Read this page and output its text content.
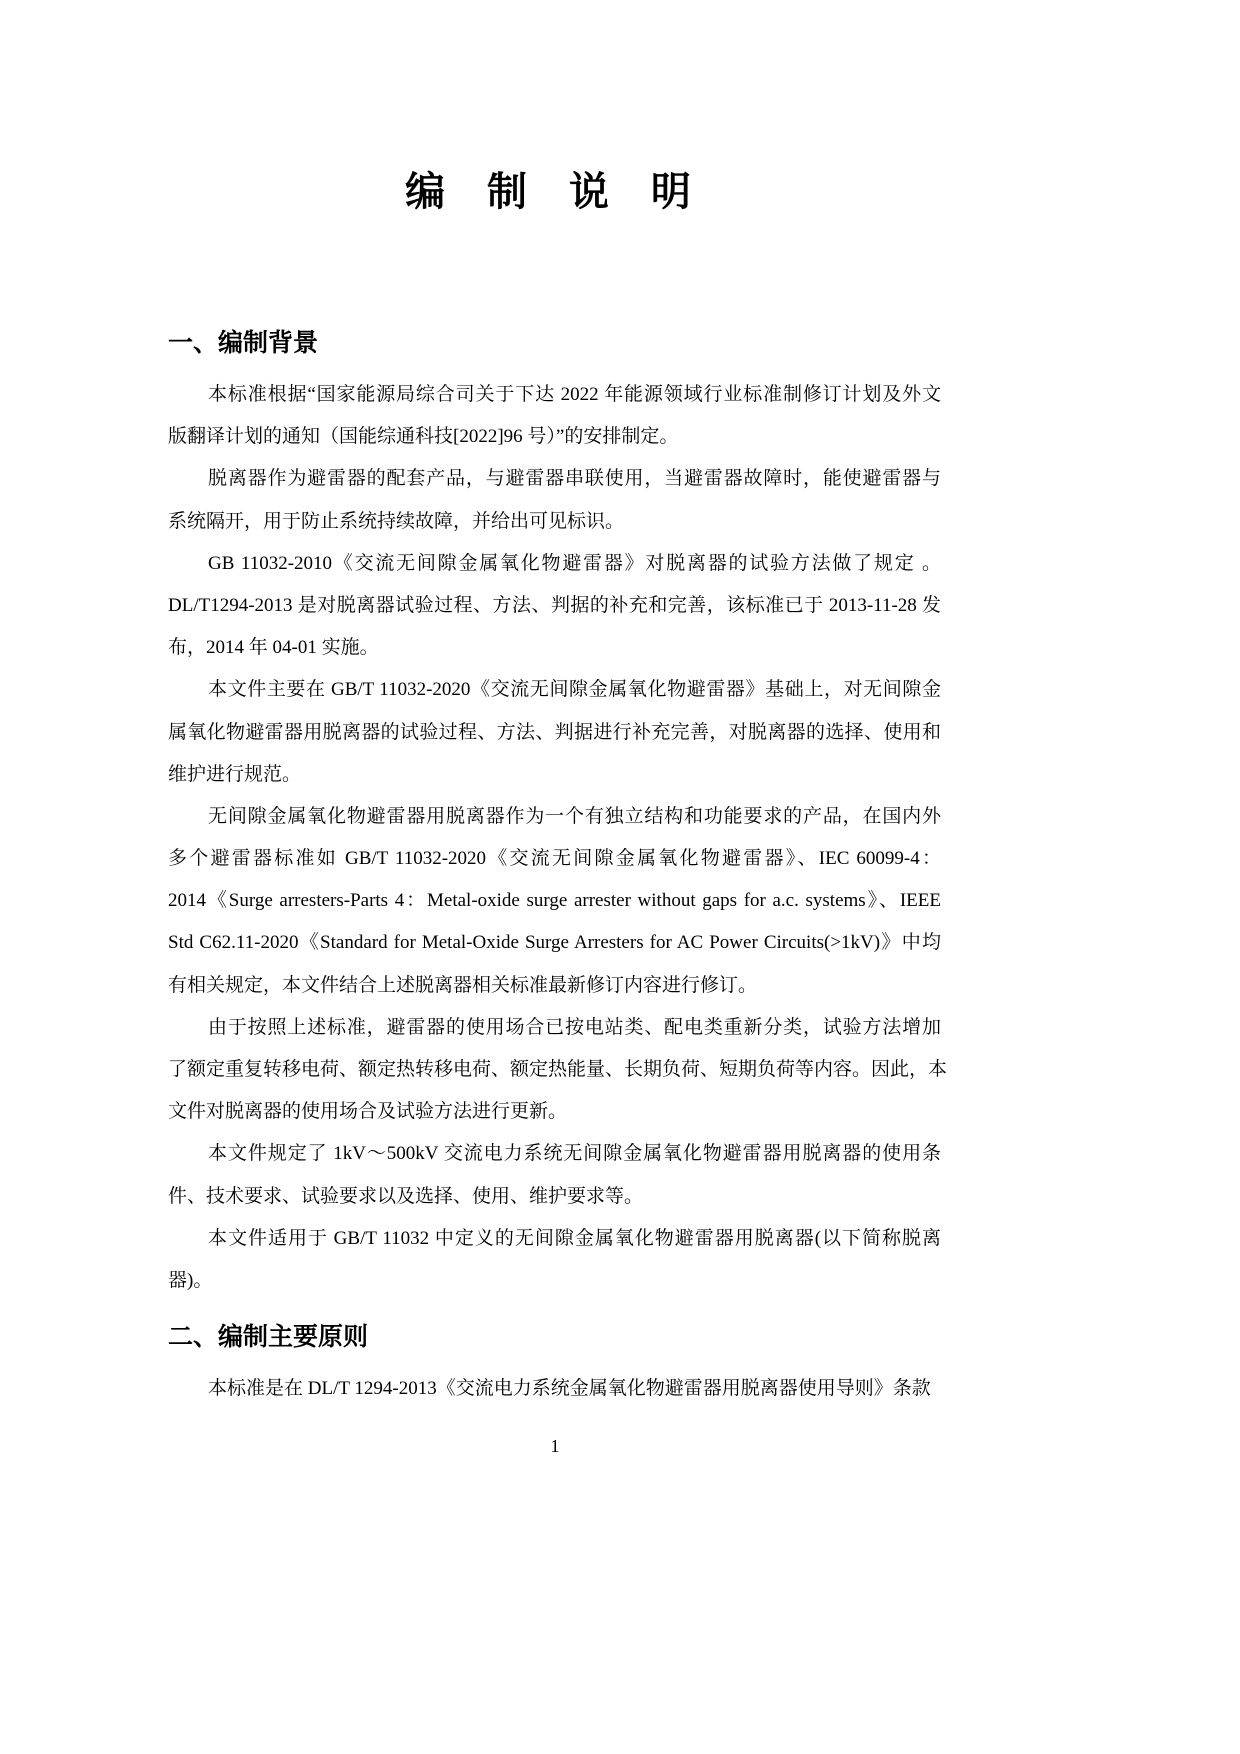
编 制 说 明
一、编制背景
本标准根据“国家能源局综合司关于下达 2022 年能源领域行业标准制修订计划及外文
版翻译计划的通知（国能综通科技[2022]96 号）”的安排制定。
脱离器作为避雷器的配套产品，与避雷器串联使用，当避雷器故障时，能使避雷器与
系统隔开，用于防止系统持续故障，并给出可见标识。
GB 11032-2010《交流无间隙金属氧化物避雷器》对脱离器的试验方法做了规定 。
DL/T1294-2013 是对脱离器试验过程、方法、判据的补充和完善，该标准已于 2013-11-28 发
布，2014 年 04-01 实施。
本文件主要在 GB/T 11032-2020《交流无间隙金属氧化物避雷器》基础上，对无间隙金
属氧化物避雷器用脱离器的试验过程、方法、判据进行补充完善，对脱离器的选择、使用和
维护进行规范。
无间隙金属氧化物避雷器用脱离器作为一个有独立结构和功能要求的产品，在国内外
多个避雷器标准如 GB/T 11032-2020《交流无间隙金属氧化物避雷器》、IEC 60099-4：
2014《Surge arresters-Parts 4：Metal-oxide surge arrester without gaps for a.c. systems》、IEEE
Std C62.11-2020《Standard for Metal-Oxide Surge Arresters for AC Power Circuits(>1kV)》中均
有相关规定，本文件结合上述脱离器相关标准最新修订内容进行修订。
由于按照上述标准，避雷器的使用场合已按电站类、配电类重新分类，试验方法增加
了额定重复转移电荷、额定热转移电荷、额定热能量、长期负荷、短期负荷等内容。因此，本
文件对脱离器的使用场合及试验方法进行更新。
本文件规定了 1kV～500kV 交流电力系统无间隙金属氧化物避雷器用脱离器的使用条
件、技术要求、试验要求以及选择、使用、维护要求等。
本文件适用于 GB/T 11032 中定义的无间隙金属氧化物避雷器用脱离器(以下简称脱离
器)。
二、编制主要原则
本标准是在 DL/T 1294-2013《交流电力系统金属氧化物避雷器用脱离器使用导则》条款
1
